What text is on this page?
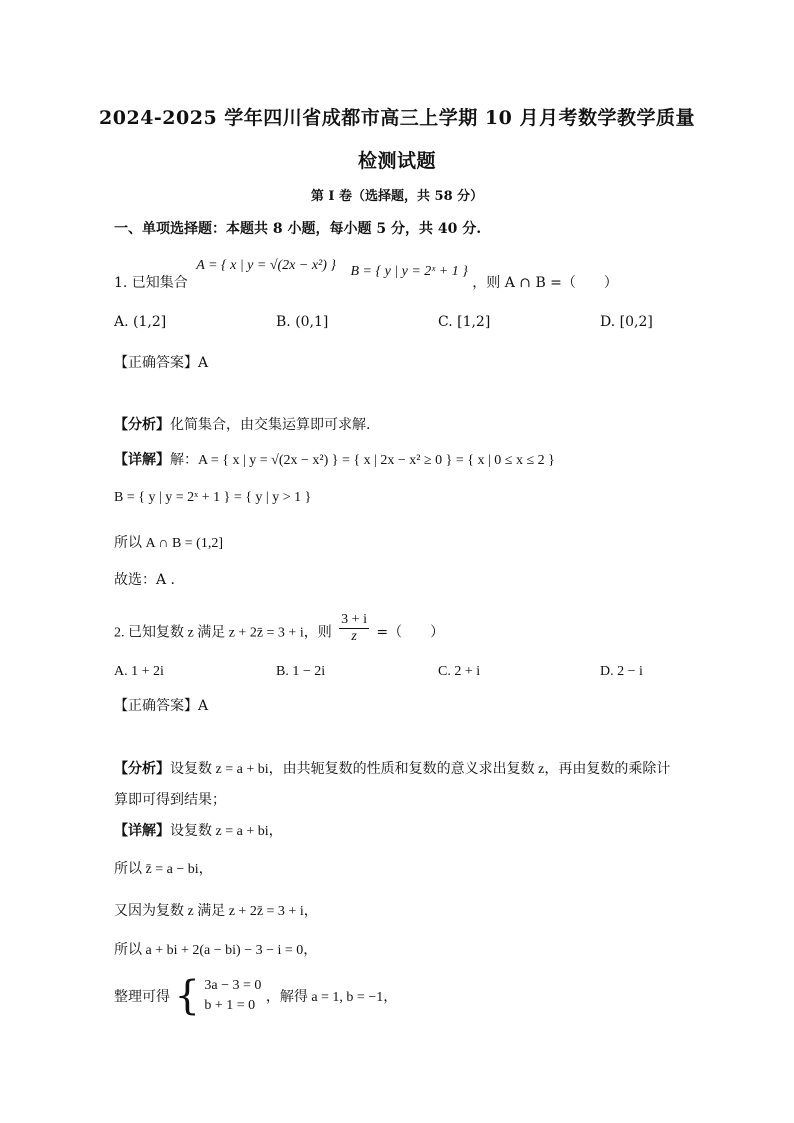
2024-2025 学年四川省成都市高三上学期 10 月月考数学教学质量
检测试题
第 I 卷（选择题，共 58 分）
一、单项选择题：本题共 8 小题，每小题 5 分，共 40 分.
1. 已知集合 A = { x | y = √(2x − x²) } B = { y | y = 2ˣ + 1 } ，则 A ∩ B =（　　）
A. (1,2]	B. (0,1]	C. [1,2]	D. [0,2]
【正确答案】A
【分析】化简集合，由交集运算即可求解.
【详解】解：A = { x | y = √(2x − x²) } = { x | 2x − x² ≥ 0 } = { x | 0 ≤ x ≤ 2 }
B = { y | y = 2ˣ + 1 } = { y | y > 1 }
所以 A ∩ B = (1,2]
故选：A .
2. 已知复数 z 满足 z + 2z̄ = 3 + i，则 $\frac{3 + i}{z}$ =（　　）
A. 1 + 2i	B. 1 − 2i	C. 2 + i	D. 2 − i
【正确答案】A
【分析】设复数 z = a + bi，由共轭复数的性质和复数的意义求出复数 z，再由复数的乘除计
算即可得到结果；
【详解】设复数 z = a + bi，
所以 z̄ = a − bi，
又因为复数 z 满足 z + 2z̄ = 3 + i，
所以 a + bi + 2(a − bi) − 3 − i = 0，
整理可得 { 3a − 3 = 0
b + 1 = 0
，解得 a = 1, b = −1，
